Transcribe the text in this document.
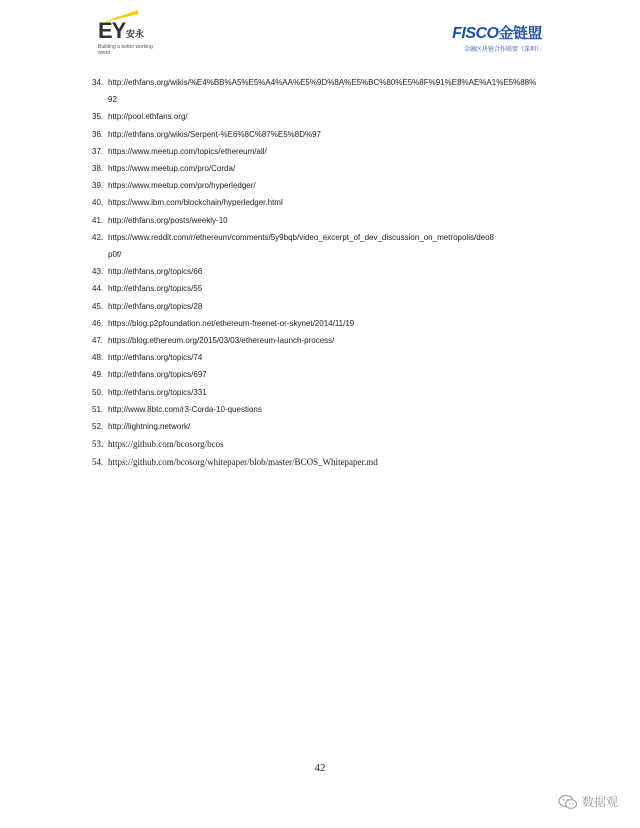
EY 安永
Building a better working world
FISCO金链盟
金融区块链合作联盟（深圳）
34. http://ethfans.org/wikis/%E4%BB%A5%E5%A4%AA%E5%9D%8A%E5%BC%80%E5%8F%91%E8%AE%A1%E5%88%
92
35. http://pool.ethfans.org/
36. http://ethfans.org/wikis/Serpent-%E6%8C%87%E5%8D%97
37. https://www.meetup.com/topics/ethereum/all/
38. https://www.meetup.com/pro/Corda/
39. https://www.meetup.com/pro/hyperledger/
40. https://www.ibm.com/blockchain/hyperledger.html
41. http://ethfans.org/posts/weekly-10
42. https://www.reddit.com/r/ethereum/comments/5y9bqb/video_excerpt_of_dev_discussion_on_metropolis/deo8
p0f/
43. http://ethfans.org/topics/66
44. http://ethfans.org/topics/55
45. http://ethfans.org/topics/28
46. https://blog.p2pfoundation.net/ethereum-freenet-or-skynet/2014/11/19
47. https://blog.ethereum.org/2015/03/03/ethereum-launch-process/
48. http://ethfans.org/topics/74
49. http://ethfans.org/topics/697
50. http://ethfans.org/topics/331
51. http://www.8btc.com/r3-Corda-10-questions
52. http://lightning.network/
53. https://github.com/bcosorg/bcos
54. https://github.com/bcosorg/whitepaper/blob/master/BCOS_Whitepaper.md
42
数据观
